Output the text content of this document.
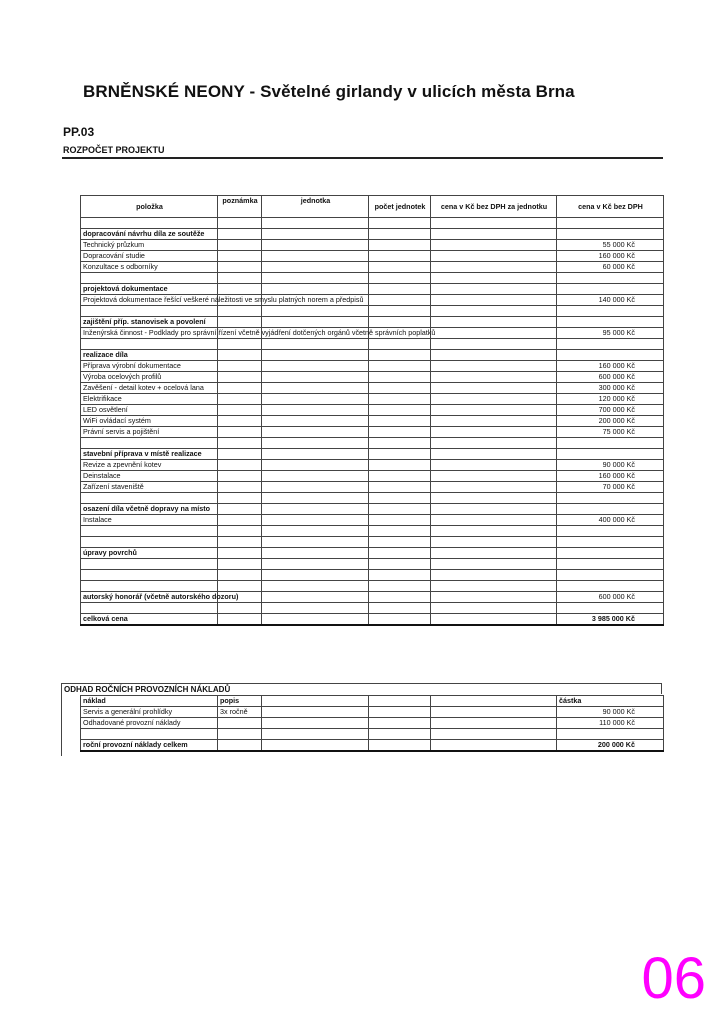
BRNĚNSKÉ NEONY - Světelné girlandy v ulicích města Brna
PP.03
ROZPOČET PROJEKTU
položka	poznámka	jednotka	počet jednotek	cena v Kč bez DPH za jednotku	cena v Kč bez DPH

dopracování návrhu díla ze soutěže					
Technický průzkum					55 000 Kč
Dopracování studie					160 000 Kč
Konzultace s odborníky					60 000 Kč

projektová dokumentace					
Projektová dokumentace řešící veškeré náležitosti ve smyslu platných norem a předpisů					140 000 Kč

zajištění příp. stanovisek a povolení					
Inženýrská činnost - Podklady pro správní řízení včetně vyjádření dotčených orgánů včetně správních poplatků					95 000 Kč

realizace díla					
Příprava výrobní dokumentace					160 000 Kč
Výroba ocelových profilů					600 000 Kč
Zavěšení - detail kotev + ocelová lana					300 000 Kč
Elektrifikace					120 000 Kč
LED osvětlení					700 000 Kč
WiFi ovládací systém					200 000 Kč
Právní servis a pojištění					75 000 Kč

stavební příprava v místě realizace					
Revize a zpevnění kotev					90 000 Kč
Deinstalace					160 000 Kč
Zařízení staveniště					70 000 Kč

osazení díla včetně dopravy na místo					
Instalace					400 000 Kč

úpravy povrchů					

autorský honorář (včetně autorského dozoru)					600 000 Kč

celková cena					3 985 000 Kč
ODHAD ROČNÍCH PROVOZNÍCH NÁKLADŮ
náklad	popis				částka
Servis a generální prohlídky	3x ročně				90 000 Kč
Odhadované provozní náklady					110 000 Kč

roční provozní náklady celkem					200 000 Kč
06
